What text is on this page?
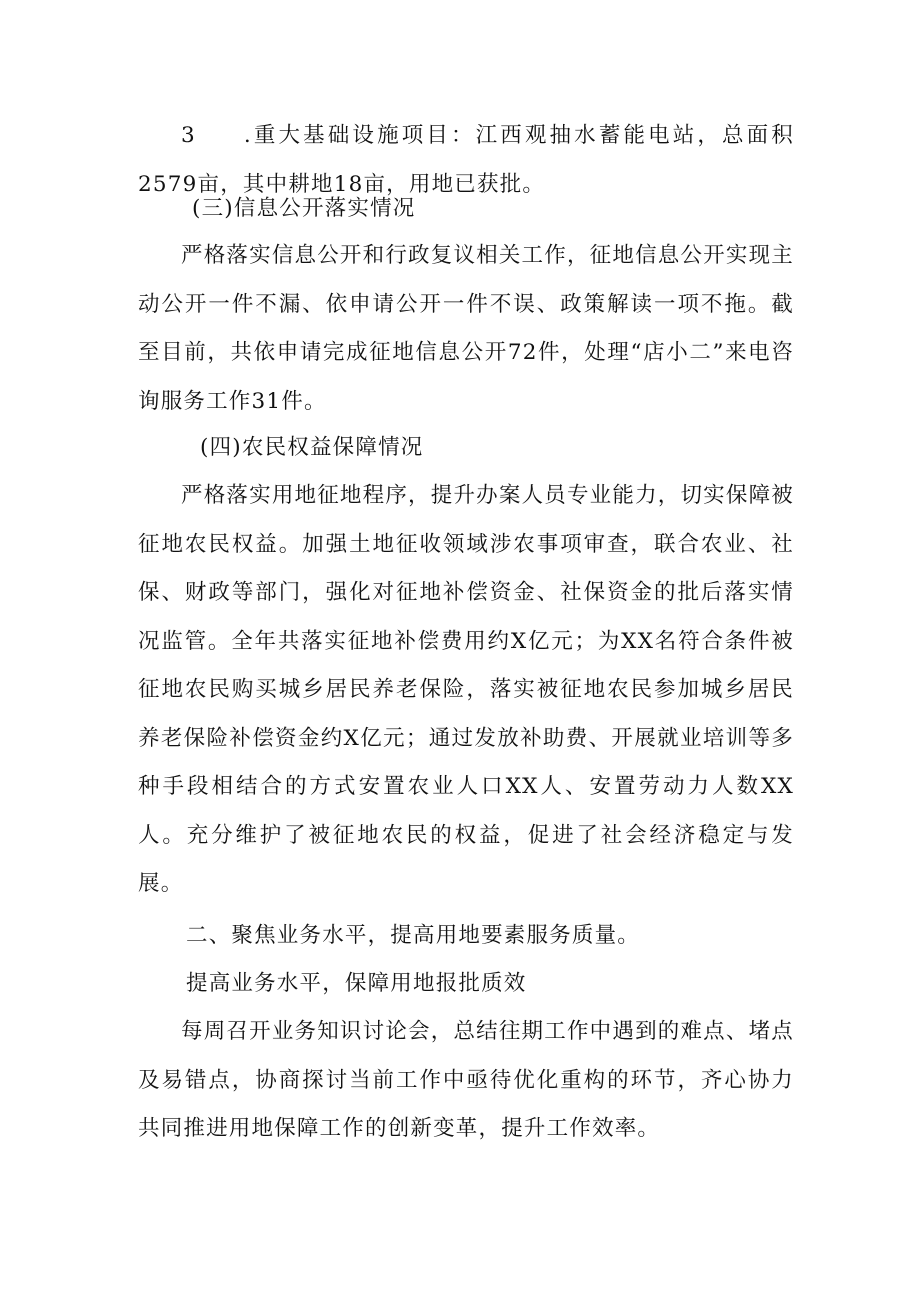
3 .重大基础设施项目：江西观抽水蓄能电站，总面积2579亩，其中耕地18亩，用地已获批。

(三)信息公开落实情况

严格落实信息公开和行政复议相关工作，征地信息公开实现主动公开一件不漏、依申请公开一件不误、政策解读一项不拖。截至目前，共依申请完成征地信息公开72件，处理“店小二”来电咨询服务工作31件。

(四)农民权益保障情况

严格落实用地征地程序，提升办案人员专业能力，切实保障被征地农民权益。加强土地征收领域涉农事项审查，联合农业、社保、财政等部门，强化对征地补偿资金、社保资金的批后落实情况监管。全年共落实征地补偿费用约X亿元；为XX名符合条件被征地农民购买城乡居民养老保险，落实被征地农民参加城乡居民养老保险补偿资金约X亿元；通过发放补助费、开展就业培训等多种手段相结合的方式安置农业人口XX人、安置劳动力人数XX人。充分维护了被征地农民的权益，促进了社会经济稳定与发展。

二、聚焦业务水平，提高用地要素服务质量。

提高业务水平，保障用地报批质效

每周召开业务知识讨论会，总结往期工作中遇到的难点、堵点及易错点，协商探讨当前工作中亟待优化重构的环节，齐心协力共同推进用地保障工作的创新变革，提升工作效率。
